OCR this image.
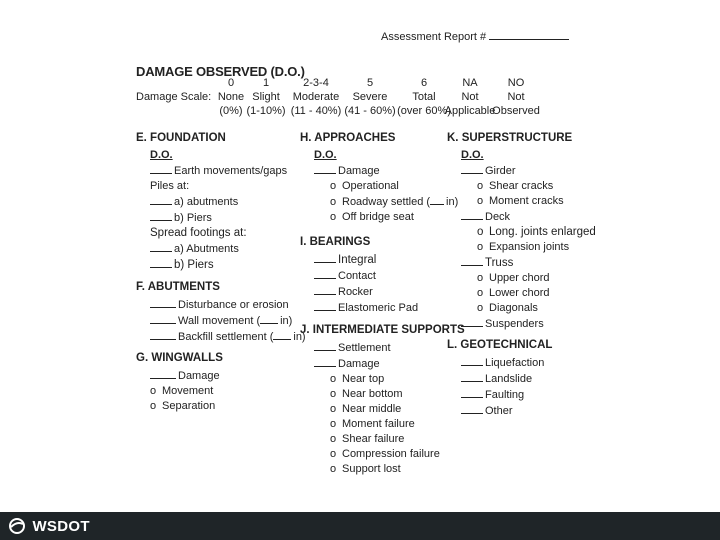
Assessment Report #
DAMAGE OBSERVED (D.O.)
Damage Scale:
0
None
(0%)
1
Slight
(1-10%)
2-3-4
Moderate
(11 - 40%)
5
Severe
(41 - 60%)
6
Total
(over 60%)
NA
Not
Applicable
NO
Not
Observed
E. FOUNDATION
D.O.
Earth movements/gaps
Piles at:
a) abutments
b) Piers
Spread footings at:
a) Abutments
b) Piers
F. ABUTMENTS
Disturbance or erosion
Wall movement ( in)
Backfill settlement ( in)
G. WINGWALLS
Damage
o Movement
o Separation
H. APPROACHES
D.O.
Damage
o Operational
o Roadway settled ( in)
o Off bridge seat
I. BEARINGS
Integral
Contact
Rocker
Elastomeric Pad
J. INTERMEDIATE SUPPORTS
Settlement
Damage
o Near top
o Near bottom
o Near middle
o Moment failure
o Shear failure
o Compression failure
o Support lost
K. SUPERSTRUCTURE
D.O.
Girder
o Shear cracks
o Moment cracks
Deck
o Long. joints enlarged
o Expansion joints
Truss
o Upper chord
o Lower chord
o Diagonals
Suspenders
L. GEOTECHNICAL
Liquefaction
Landslide
Faulting
Other
WSDOT
